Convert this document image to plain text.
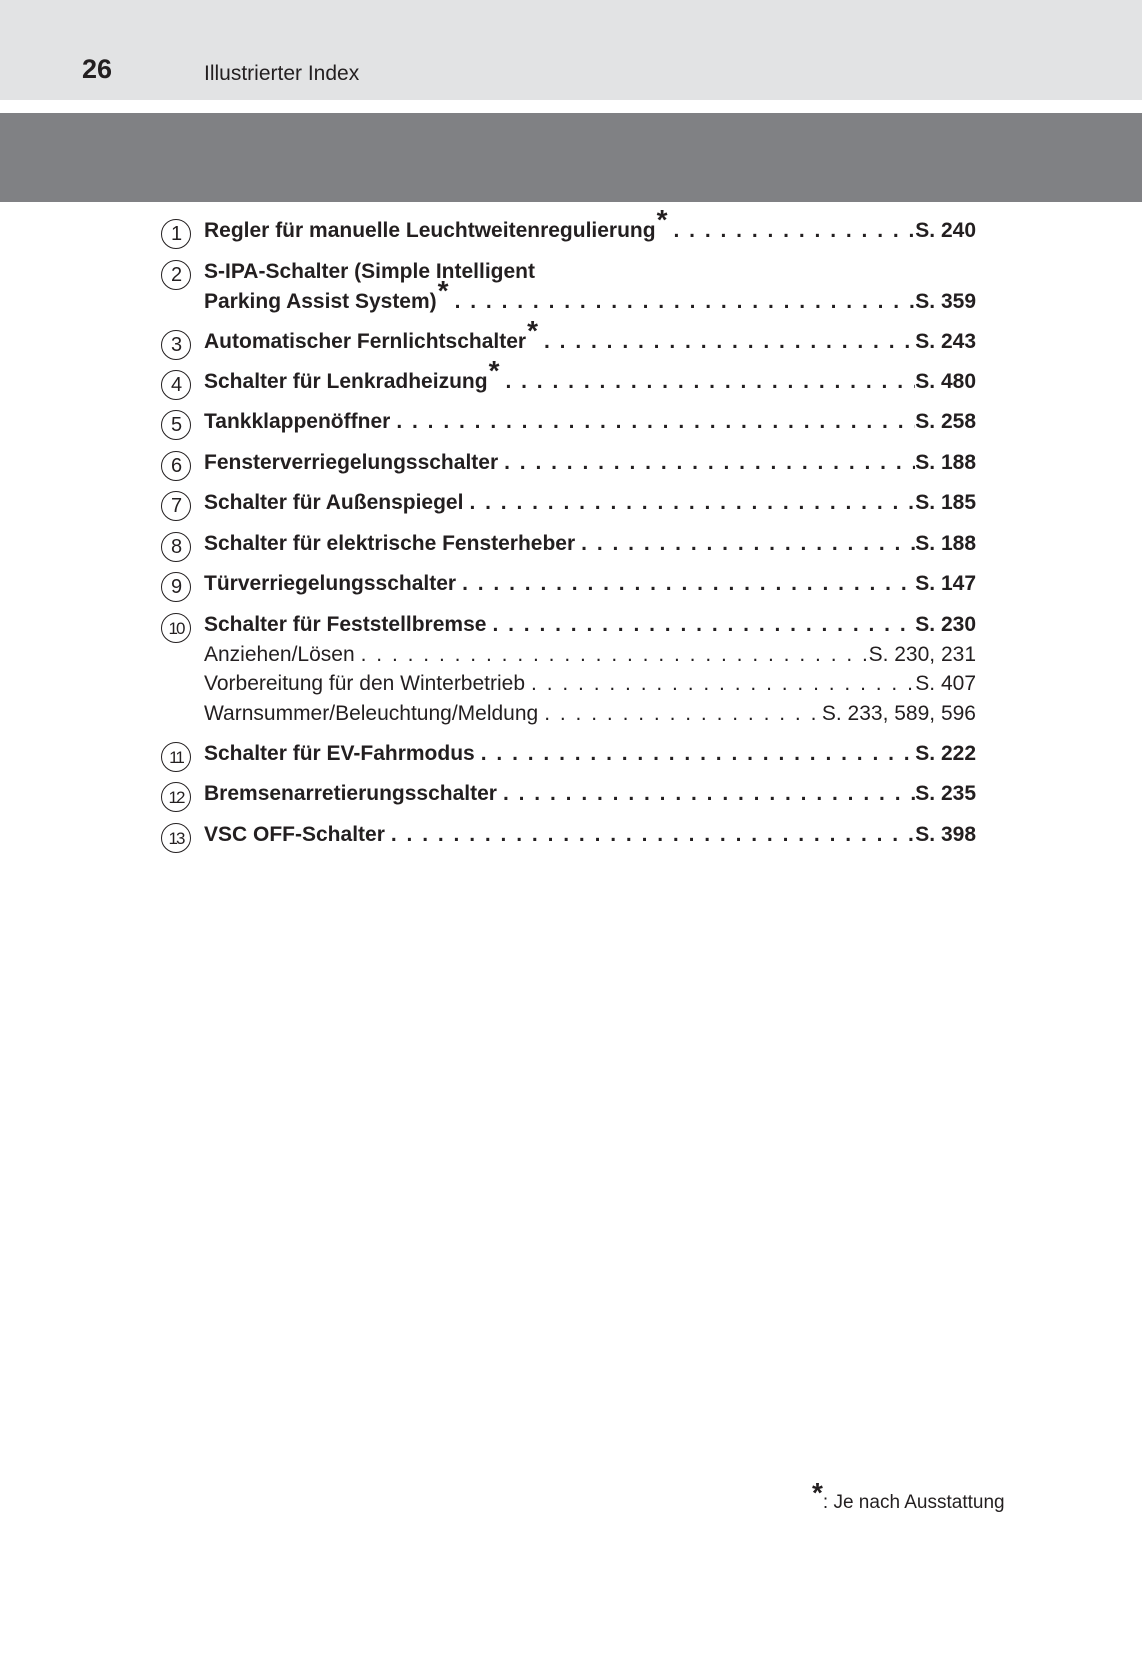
26	Illustrierter Index
1	Regler für manuelle Leuchtweitenregulierung * . . .	S. 240
2	S-IPA-Schalter (Simple Intelligent
Parking Assist System) * . . .	S. 359
3	Automatischer Fernlichtschalter * . . .	S. 243
4	Schalter für Lenkradheizung * . . .	S. 480
5	Tankklappenöffner . . .	S. 258
6	Fensterverriegelungsschalter . . .	S. 188
7	Schalter für Außenspiegel . . .	S. 185
8	Schalter für elektrische Fensterheber . . .	S. 188
9	Türverriegelungsschalter . . .	S. 147
10 Schalter für Feststellbremse . . .	S. 230
Anziehen/Lösen . . .	S. 230, 231
Vorbereitung für den Winterbetrieb . . .	S. 407
Warnsummer/Beleuchtung/Meldung . . .	S. 233, 589, 596
11	Schalter für EV-Fahrmodus . . .	S. 222
12 Bremsenarretierungsschalter . . .	S. 235
13 VSC OFF-Schalter . . .	S. 398
*: Je nach Ausstattung
